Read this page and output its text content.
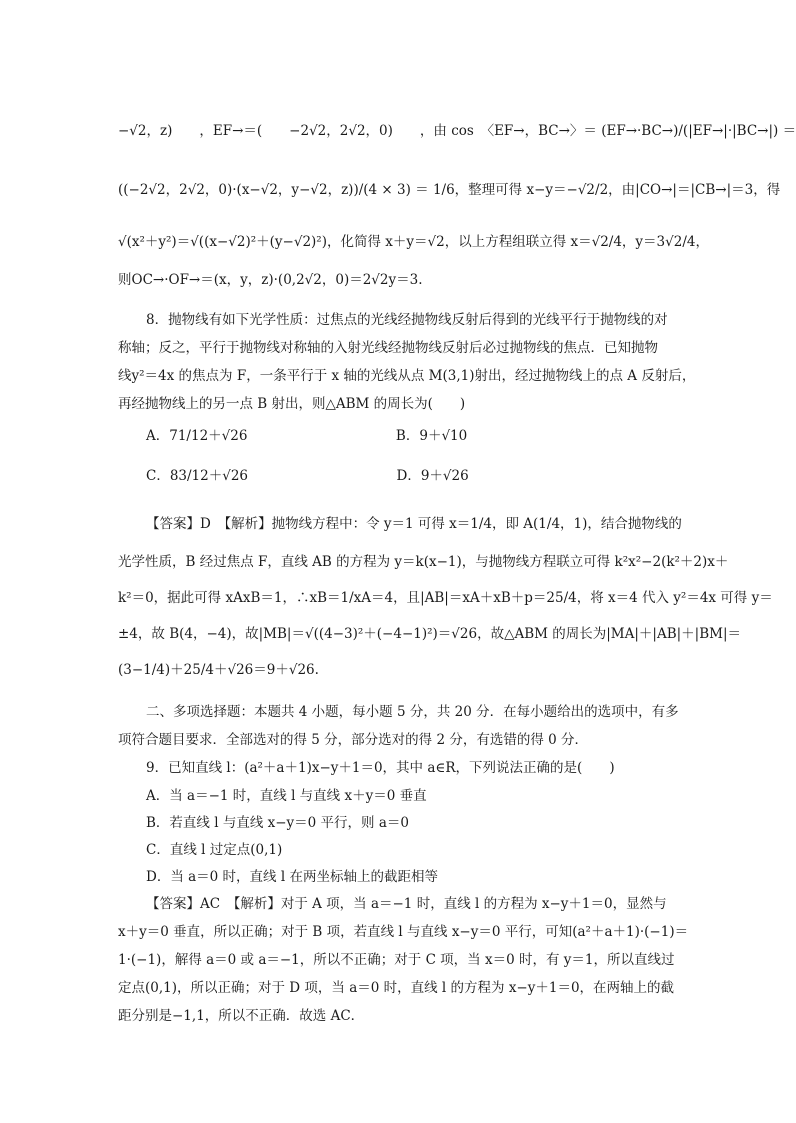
−√2，z)　　，EF→＝(　　−2√2，2√2，0)　　，由 cos　〈EF→，BC→〉＝ (EF→·BC→)/(|EF→|·|BC→|) ＝
((−2√2，2√2，0)·(x−√2，y−√2，z))/(4 × 3) ＝ 1/6，整理可得 x−y＝−√2/2，由|CO→|＝|CB→|＝3，得
√(x²＋y²)＝√((x−√2)²＋(y−√2)²)，化简得 x＋y＝√2，以上方程组联立得 x＝√2/4，y＝3√2/4，
则OC→·OF→＝(x，y，z)·(0,2√2，0)＝2√2y＝3.
8．抛物线有如下光学性质：过焦点的光线经抛物线反射后得到的光线平行于抛物线的对
称轴；反之，平行于抛物线对称轴的入射光线经抛物线反射后必过抛物线的焦点．已知抛物
线y²＝4x 的焦点为 F，一条平行于 x 轴的光线从点 M(3,1)射出，经过抛物线上的点 A 反射后，
再经抛物线上的另一点 B 射出，则△ABM 的周长为(　　)
A．71/12＋√26　　　　　　　　　　　B．9＋√10
C．83/12＋√26　　　　　　　　　　　D．9＋√26
【答案】D　【解析】抛物线方程中：令 y＝1 可得 x＝1/4，即 A(1/4，1)，结合抛物线的
光学性质，B 经过焦点 F，直线 AB 的方程为 y＝k(x−1)，与抛物线方程联立可得 k²x²−2(k²＋2)x＋
k²＝0，据此可得 xAxB＝1，∴xB＝1/xA＝4，且|AB|＝xA＋xB＋p＝25/4，将 x＝4 代入 y²＝4x 可得 y＝
±4，故 B(4，−4)，故|MB|＝√((4−3)²＋(−4−1)²)＝√26，故△ABM 的周长为|MA|＋|AB|＋|BM|＝
(3−1/4)＋25/4＋√26＝9＋√26.
二、多项选择题：本题共 4 小题，每小题 5 分，共 20 分．在每小题给出的选项中，有多
项符合题目要求．全部选对的得 5 分，部分选对的得 2 分，有选错的得 0 分．
9．已知直线 l：(a²＋a＋1)x−y＋1＝0，其中 a∈R，下列说法正确的是(　　)
A．当 a＝−1 时，直线 l 与直线 x＋y＝0 垂直
B．若直线 l 与直线 x−y＝0 平行，则 a＝0
C．直线 l 过定点(0,1)
D．当 a＝0 时，直线 l 在两坐标轴上的截距相等
【答案】AC　【解析】对于 A 项，当 a＝−1 时，直线 l 的方程为 x−y＋1＝0，显然与
x＋y＝0 垂直，所以正确；对于 B 项，若直线 l 与直线 x−y＝0 平行，可知(a²＋a＋1)·(−1)＝
1·(−1)，解得 a＝0 或 a＝−1，所以不正确；对于 C 项，当 x＝0 时，有 y＝1，所以直线过
定点(0,1)，所以正确；对于 D 项，当 a＝0 时，直线 l 的方程为 x−y＋1＝0，在两轴上的截
距分别是−1,1，所以不正确．故选 AC．
